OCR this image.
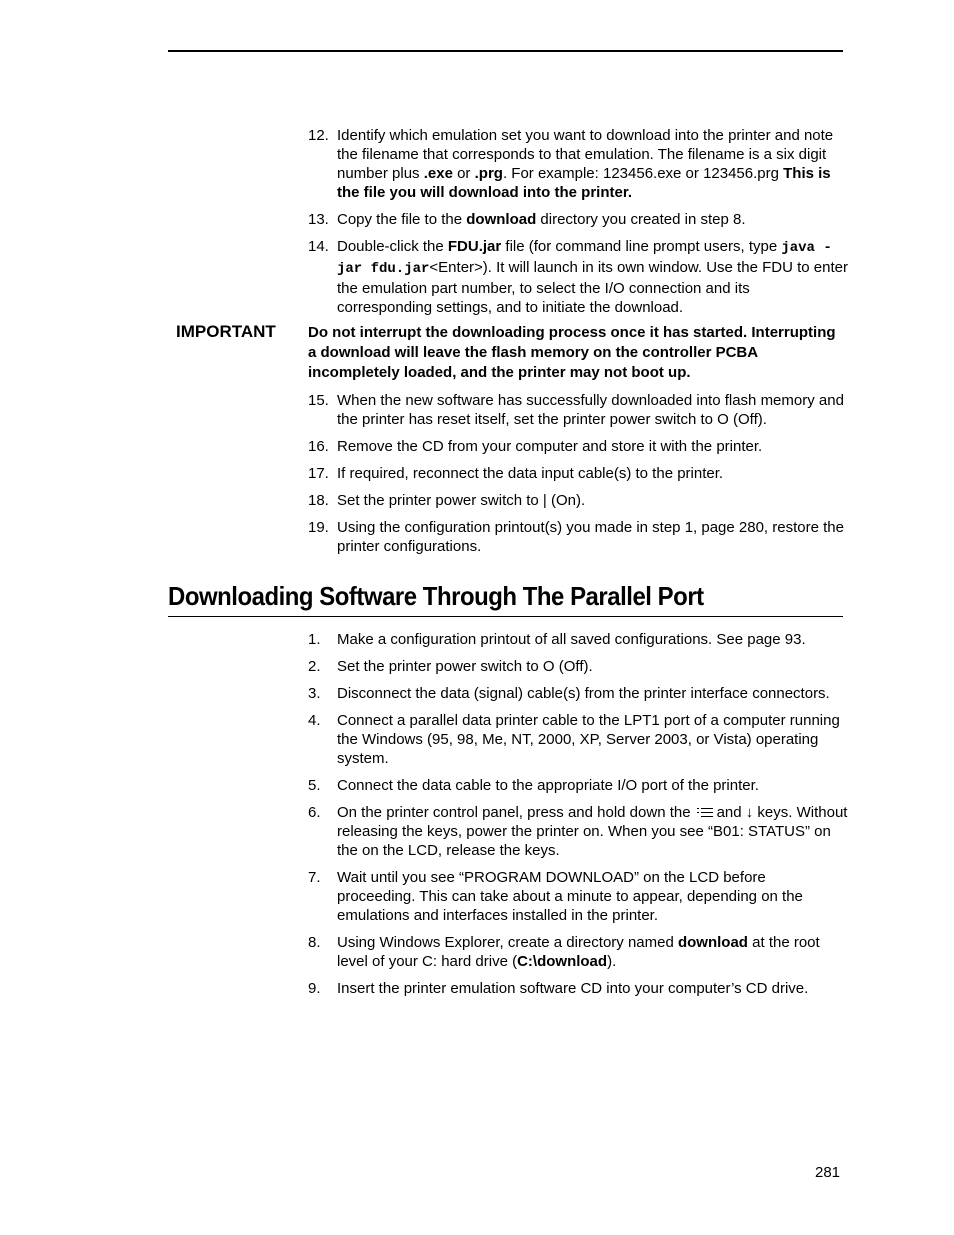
12. Identify which emulation set you want to download into the printer and note the filename that corresponds to that emulation. The filename is a six digit number plus .exe or .prg. For example: 123456.exe or 123456.prg This is the file you will download into the printer.

13. Copy the file to the download directory you created in step 8.

14. Double-click the FDU.jar file (for command line prompt users, type java -jar fdu.jar<Enter>). It will launch in its own window. Use the FDU to enter the emulation part number, to select the I/O connection and its corresponding settings, and to initiate the download.

IMPORTANT Do not interrupt the downloading process once it has started. Interrupting a download will leave the flash memory on the controller PCBA incompletely loaded, and the printer may not boot up.

15. When the new software has successfully downloaded into flash memory and the printer has reset itself, set the printer power switch to O (Off).

16. Remove the CD from your computer and store it with the printer.

17. If required, reconnect the data input cable(s) to the printer.

18. Set the printer power switch to | (On).

19. Using the configuration printout(s) you made in step 1, page 280, restore the printer configurations.

Downloading Software Through The Parallel Port

1. Make a configuration printout of all saved configurations. See page 93.

2. Set the printer power switch to O (Off).

3. Disconnect the data (signal) cable(s) from the printer interface connectors.

4. Connect a parallel data printer cable to the LPT1 port of a computer running the Windows (95, 98, Me, NT, 2000, XP, Server 2003, or Vista) operating system.

5. Connect the data cable to the appropriate I/O port of the printer.

6. On the printer control panel, press and hold down the and ↓ keys. Without releasing the keys, power the printer on. When you see “B01: STATUS” on the on the LCD, release the keys.

7. Wait until you see “PROGRAM DOWNLOAD” on the LCD before proceeding. This can take about a minute to appear, depending on the emulations and interfaces installed in the printer.

8. Using Windows Explorer, create a directory named download at the root level of your C: hard drive (C:\download).

9. Insert the printer emulation software CD into your computer’s CD drive.

281
